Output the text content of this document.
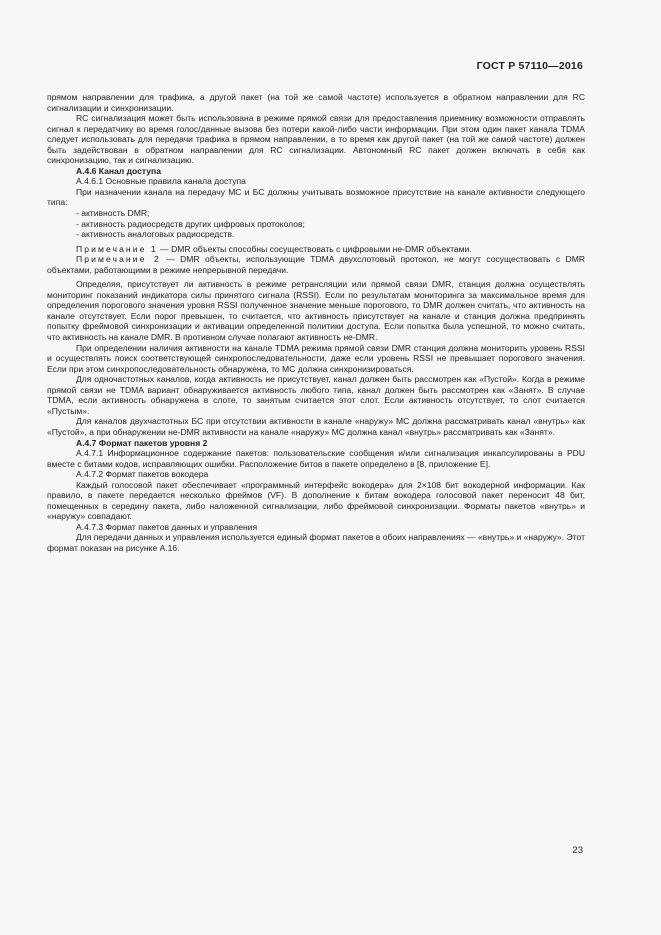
ГОСТ Р 57110—2016

прямом направлении для трафика, а другой пакет (на той же самой частоте) используется в обратном направлении для RC сигнализации и синхронизации.

RC сигнализация может быть использована в режиме прямой связи для предоставления приемнику возможности отправлять сигнал к передатчику во время голос/данные вызова без потери какой-либо части информации. При этом один пакет канала TDMA следует использовать для передачи трафика в прямом направлении, в то время как другой пакет (на той же самой частоте) должен быть задействован в обратном направлении для RC сигнализации. Автономный RC пакет должен включать в себя как синхронизацию, так и сигнализацию.

А.4.6 Канал доступа

А.4.6.1 Основные правила канала доступа

При назначении канала на передачу МС и БС должны учитывать возможное присутствие на канале активности следующего типа:

- активность DMR;

- активность радиосредств других цифровых протоколов;

- активность аналоговых радиосредств.

Примечание 1 — DMR объекты способны сосуществовать с цифровыми не-DMR объектами.

Примечание 2 — DMR объекты, использующие TDMA двухслотовый протокол, не могут сосуществовать с DMR объектами, работающими в режиме непрерывной передачи.

Определяя, присутствует ли активность в режиме ретрансляции или прямой связи DMR, станция должна осуществлять мониторинг показаний индикатора силы принятого сигнала (RSSI). Если по результатам мониторинга за максимальное время для определения порогового значения уровня RSSI полученное значение меньше порогового, то DMR должен считать, что активность на канале отсутствует. Если порог превышен, то считается, что активность присутствует на канале и станция должна предпринять попытку фреймовой синхронизации и активации определенной политики доступа. Если попытка была успешной, то можно считать, что активность на канале DMR. В противном случае полагают активность не-DMR.

При определении наличия активности на канале TDMA режима прямой связи DMR станция должна мониторить уровень RSSI и осуществлять поиск соответствующей синхропоследовательности, даже если уровень RSSI не превышает порогового значения. Если при этом синхропоследовательность обнаружена, то МС должна синхронизироваться.

Для одночастотных каналов, когда активность не присутствует, канал должен быть рассмотрен как «Пустой». Когда в режиме прямой связи не TDMA вариант обнаруживается активность любого типа, канал должен быть рассмотрен как «Занят». В случае TDMA, если активность обнаружена в слоте, то занятым считается этот слот. Если активность отсутствует, то слот считается «Пустым».

Для каналов двухчастотных БС при отсутствии активности в канале «наружу» МС должна рассматривать канал «внутрь» как «Пустой», а при обнаружении не-DMR активности на канале «наружу» МС должна канал «внутрь» рассматривать как «Занят».

А.4.7 Формат пакетов уровня 2

А.4.7.1 Информационное содержание пакетов: пользовательские сообщения и/или сигнализация инкапсулированы в PDU вместе с битами кодов, исправляющих ошибки. Расположение битов в пакете определено в [8, приложение Е].

А.4.7.2 Формат пакетов вокодера

Каждый голосовой пакет обеспечивает «программный интерфейс вокодера» для 2×108 бит вокодерной информации. Как правило, в пакете передается несколько фреймов (VF). В дополнение к битам вокодера голосовой пакет переносит 48 бит, помещенных в середину пакета, либо наложенной сигнализации, либо фреймовой синхронизации. Форматы пакетов «внутрь» и «наружу» совпадают.

А.4.7.3 Формат пакетов данных и управления

Для передачи данных и управления используется единый формат пакетов в обоих направлениях — «внутрь» и «наружу». Этот формат показан на рисунке А.16.

23
